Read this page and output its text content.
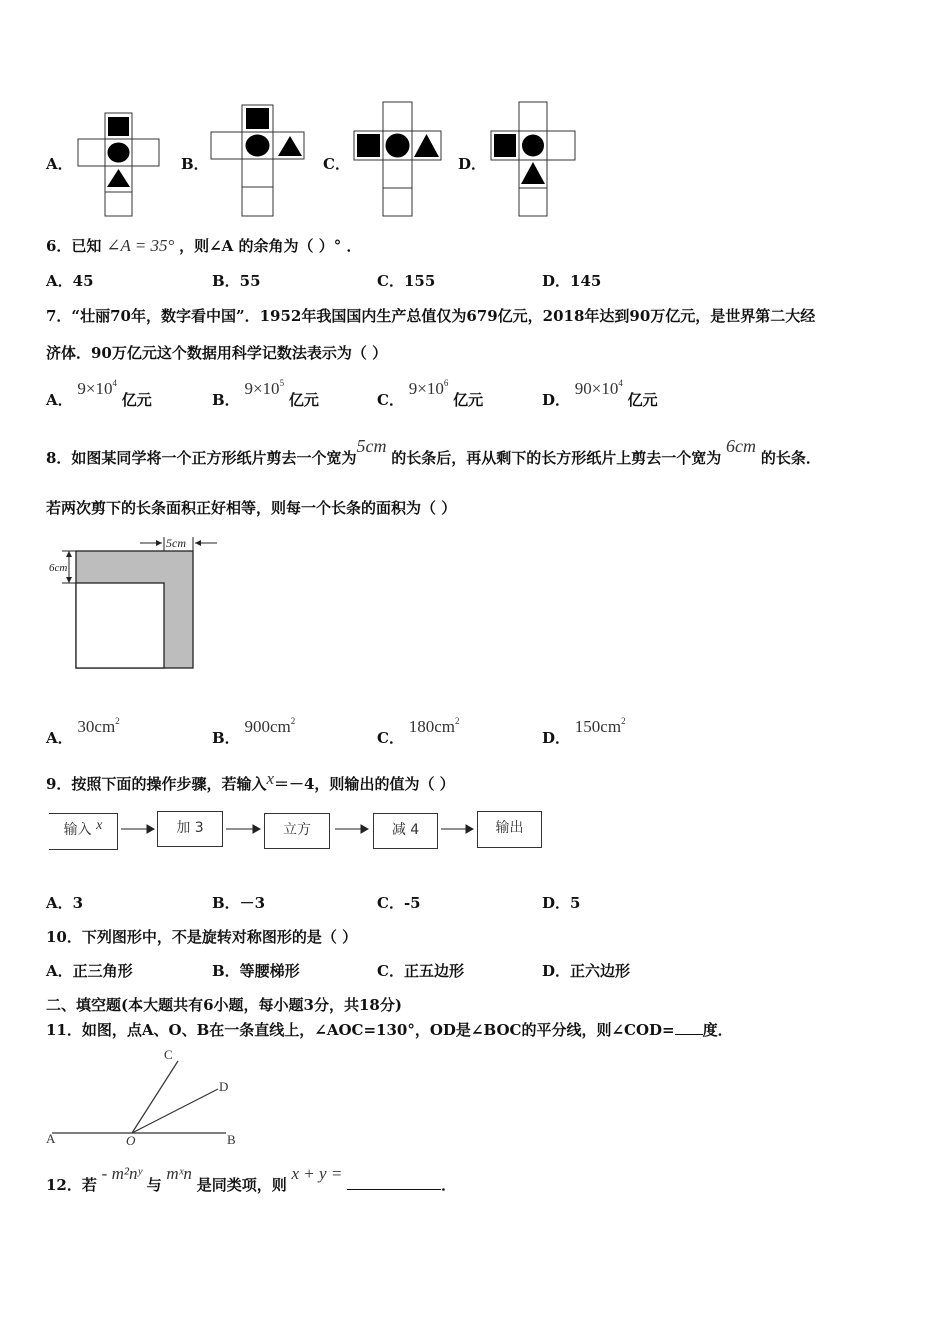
A．	B．	C．	D．
6．已知 ∠A = 35° ，则∠A 的余角为（ ）° ．
A．45	B．55	C．155	D．145
7．“壮丽70年，数字看中国”．1952年我国国内生产总值仅为679亿元，2018年达到90万亿元，是世界第二大经
济体．90万亿元这个数据用科学记数法表示为（ ）
A． $9\times 10^4$ 亿元	B． $9\times 10^5$ 亿元	C． $9\times 10^6$ 亿元	D． $90\times 10^4$ 亿元
8．如图某同学将一个正方形纸片剪去一个宽为5cm 的长条后，再从剩下的长方形纸片上剪去一个宽为 6cm 的长条．
若两次剪下的长条面积正好相等，则每一个长条的面积为（ ）
5cm
6cm
A． $30cm^2$
B． $900cm^2$
C． $180cm^2$
D． $150cm^2$
9．按照下面的操作步骤，若输入x＝－4，则输出的值为（ ）
输入 x	加 3	立方	减 4	输出
A．3	B．－3	C．-5	D．5
10．下列图形中，不是旋转对称图形的是（ ）
A．正三角形	B．等腰梯形	C．正五边形	D．正六边形
二、填空题(本大题共有6小题，每小题3分，共18分)
11．如图，点A、O、B在一条直线上，∠AOC=130°，OD是∠BOC的平分线，则∠COD= 度．
A	O	B
C
D
12．若 - m²nʸ 与 mˣn 是同类项，则 x + y = ．
